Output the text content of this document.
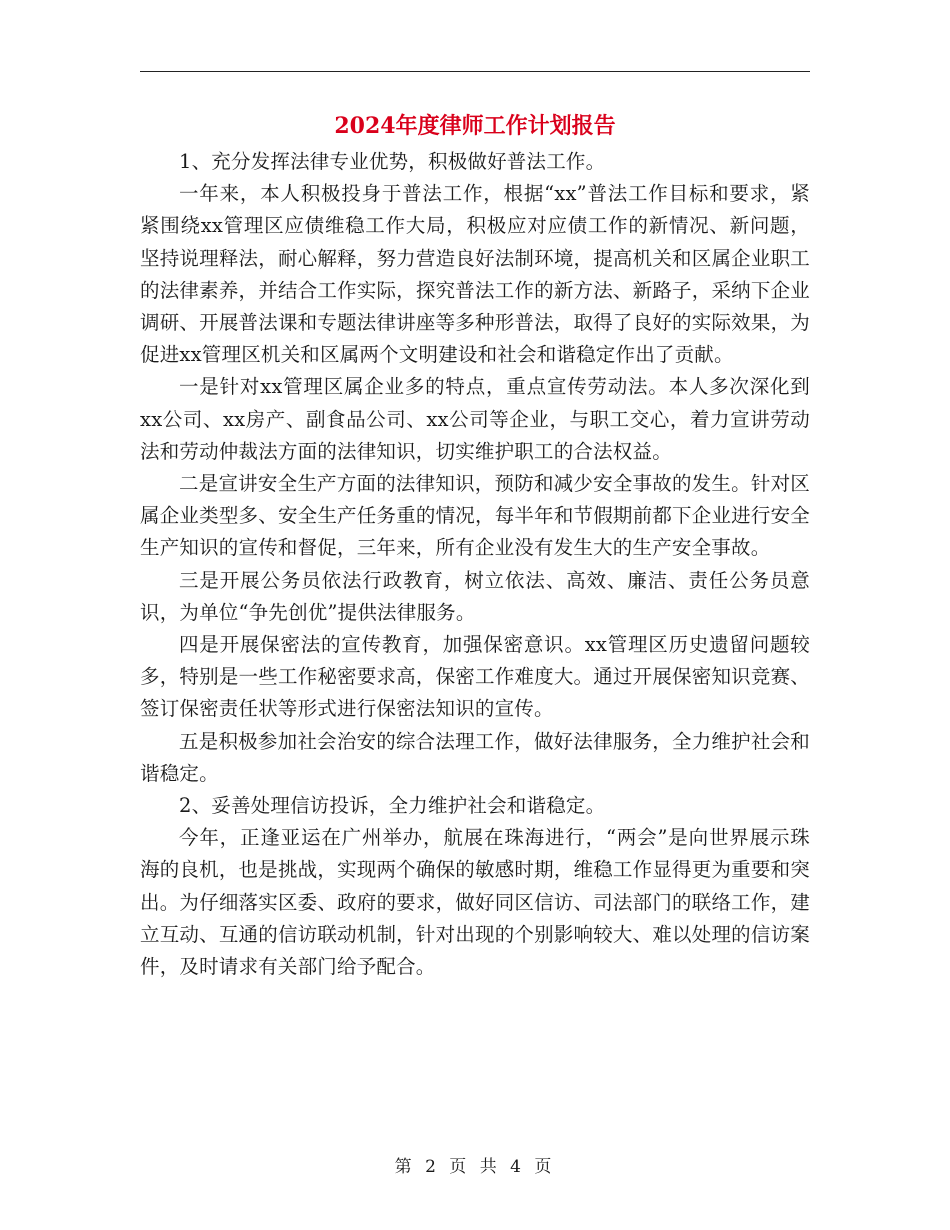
2024年度律师工作计划报告

1、充分发挥法律专业优势，积极做好普法工作。

一年来，本人积极投身于普法工作，根据“xx”普法工作目标和要求，紧紧围绕xx管理区应债维稳工作大局，积极应对应债工作的新情况、新问题，坚持说理释法，耐心解释，努力营造良好法制环境，提高机关和区属企业职工的法律素养，并结合工作实际，探究普法工作的新方法、新路子，采纳下企业调研、开展普法课和专题法律讲座等多种形普法，取得了良好的实际效果，为促进xx管理区机关和区属两个文明建设和社会和谐稳定作出了贡献。

一是针对xx管理区属企业多的特点，重点宣传劳动法。本人多次深化到xx公司、xx房产、副食品公司、xx公司等企业，与职工交心，着力宣讲劳动法和劳动仲裁法方面的法律知识，切实维护职工的合法权益。

二是宣讲安全生产方面的法律知识，预防和减少安全事故的发生。针对区属企业类型多、安全生产任务重的情况，每半年和节假期前都下企业进行安全生产知识的宣传和督促，三年来，所有企业没有发生大的生产安全事故。

三是开展公务员依法行政教育，树立依法、高效、廉洁、责任公务员意识，为单位“争先创优”提供法律服务。

四是开展保密法的宣传教育，加强保密意识。xx管理区历史遗留问题较多，特别是一些工作秘密要求高，保密工作难度大。通过开展保密知识竞赛、签订保密责任状等形式进行保密法知识的宣传。

五是积极参加社会治安的综合法理工作，做好法律服务，全力维护社会和谐稳定。

2、妥善处理信访投诉，全力维护社会和谐稳定。

今年，正逢亚运在广州举办，航展在珠海进行，“两会”是向世界展示珠海的良机，也是挑战，实现两个确保的敏感时期，维稳工作显得更为重要和突出。为仔细落实区委、政府的要求，做好同区信访、司法部门的联络工作，建立互动、互通的信访联动机制，针对出现的个别影响较大、难以处理的信访案件，及时请求有关部门给予配合。

第 2 页 共 4 页
